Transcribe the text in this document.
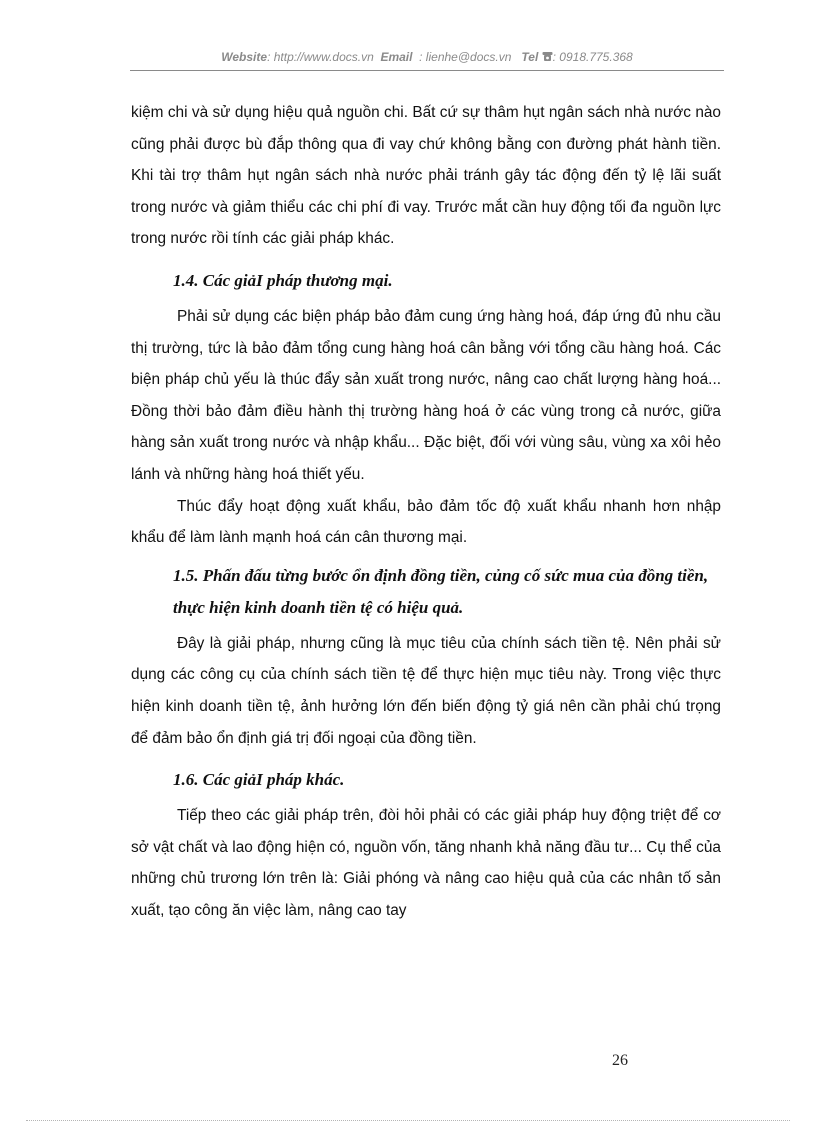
Website: http://www.docs.vn Email : lienhe@docs.vn Tel : 0918.775.368

kiệm chi và sử dụng hiệu quả nguồn chi. Bất cứ sự thâm hụt ngân sách nhà nước nào cũng phải được bù đắp thông qua đi vay chứ không bằng con đường phát hành tiền. Khi tài trợ thâm hụt ngân sách nhà nước phải tránh gây tác động đến tỷ lệ lãi suất trong nước và giảm thiểu các chi phí đi vay. Trước mắt cần huy động tối đa nguồn lực trong nước rồi tính các giải pháp khác.

1.4. Các giảI pháp thương mại.

Phải sử dụng các biện pháp bảo đảm cung ứng hàng hoá, đáp ứng đủ nhu cầu thị trường, tức là bảo đảm tổng cung hàng hoá cân bằng với tổng cầu hàng hoá. Các biện pháp chủ yếu là thúc đẩy sản xuất trong nước, nâng cao chất lượng hàng hoá... Đồng thời bảo đảm điều hành thị trường hàng hoá ở các vùng trong cả nước, giữa hàng sản xuất trong nước và nhập khẩu... Đặc biệt, đối với vùng sâu, vùng xa xôi hẻo lánh và những hàng hoá thiết yếu.

Thúc đẩy hoạt động xuất khẩu, bảo đảm tốc độ xuất khẩu nhanh hơn nhập khẩu để làm lành mạnh hoá cán cân thương mại.

1.5. Phấn đấu từng bước ổn định đồng tiền, củng cố sức mua của đồng tiền, thực hiện kinh doanh tiền tệ có hiệu quả.

Đây là giải pháp, nhưng cũng là mục tiêu của chính sách tiền tệ. Nên phải sử dụng các công cụ của chính sách tiền tệ để thực hiện mục tiêu này. Trong việc thực hiện kinh doanh tiền tệ, ảnh hưởng lớn đến biến động tỷ giá nên cần phải chú trọng để đảm bảo ổn định giá trị đối ngoại của đồng tiền.

1.6. Các giảI pháp khác.

Tiếp theo các giải pháp trên, đòi hỏi phải có các giải pháp huy động triệt để cơ sở vật chất và lao động hiện có, nguồn vốn, tăng nhanh khả năng đầu tư... Cụ thể của những chủ trương lớn trên là: Giải phóng và nâng cao hiệu quả của các nhân tố sản xuất, tạo công ăn việc làm, nâng cao tay

26
